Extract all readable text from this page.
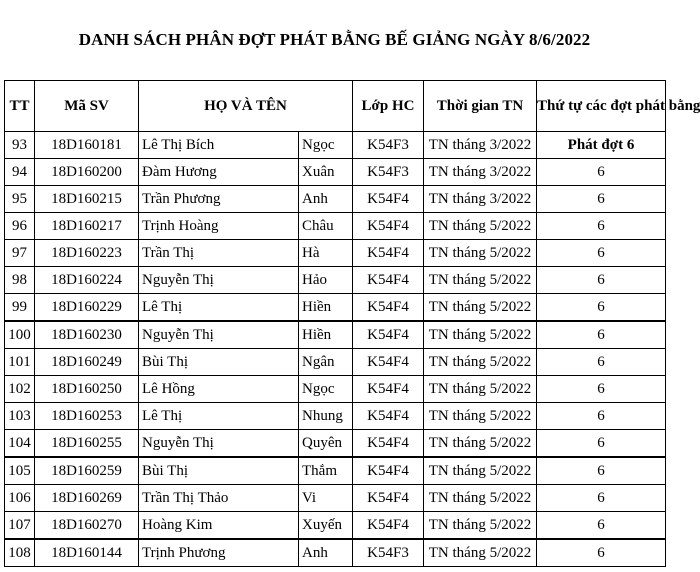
DANH SÁCH PHÂN ĐỢT PHÁT BẰNG BẾ GIẢNG NGÀY 8/6/2022
TT	Mã SV	HỌ VÀ TÊN		Lớp HC	Thời gian TN	Thứ tự các đợt phát bằng
93	18D160181	Lê Thị Bích	Ngọc	K54F3	TN tháng 3/2022	Phát đợt 6
94	18D160200	Đàm Hương	Xuân	K54F3	TN tháng 3/2022	6
95	18D160215	Trần Phương	Anh	K54F4	TN tháng 3/2022	6
96	18D160217	Trịnh Hoàng	Châu	K54F4	TN tháng 5/2022	6
97	18D160223	Trần Thị	Hà	K54F4	TN tháng 5/2022	6
98	18D160224	Nguyễn Thị	Hảo	K54F4	TN tháng 5/2022	6
99	18D160229	Lê Thị	Hiền	K54F4	TN tháng 5/2022	6
100	18D160230	Nguyễn Thị	Hiền	K54F4	TN tháng 5/2022	6
101	18D160249	Bùi Thị	Ngân	K54F4	TN tháng 5/2022	6
102	18D160250	Lê Hồng	Ngọc	K54F4	TN tháng 5/2022	6
103	18D160253	Lê Thị	Nhung	K54F4	TN tháng 5/2022	6
104	18D160255	Nguyễn Thị	Quyên	K54F4	TN tháng 5/2022	6
105	18D160259	Bùi Thị	Thắm	K54F4	TN tháng 5/2022	6
106	18D160269	Trần Thị Thảo	Vi	K54F4	TN tháng 5/2022	6
107	18D160270	Hoàng Kim	Xuyến	K54F4	TN tháng 5/2022	6
108	18D160144	Trịnh Phương	Anh	K54F3	TN tháng 5/2022	6
